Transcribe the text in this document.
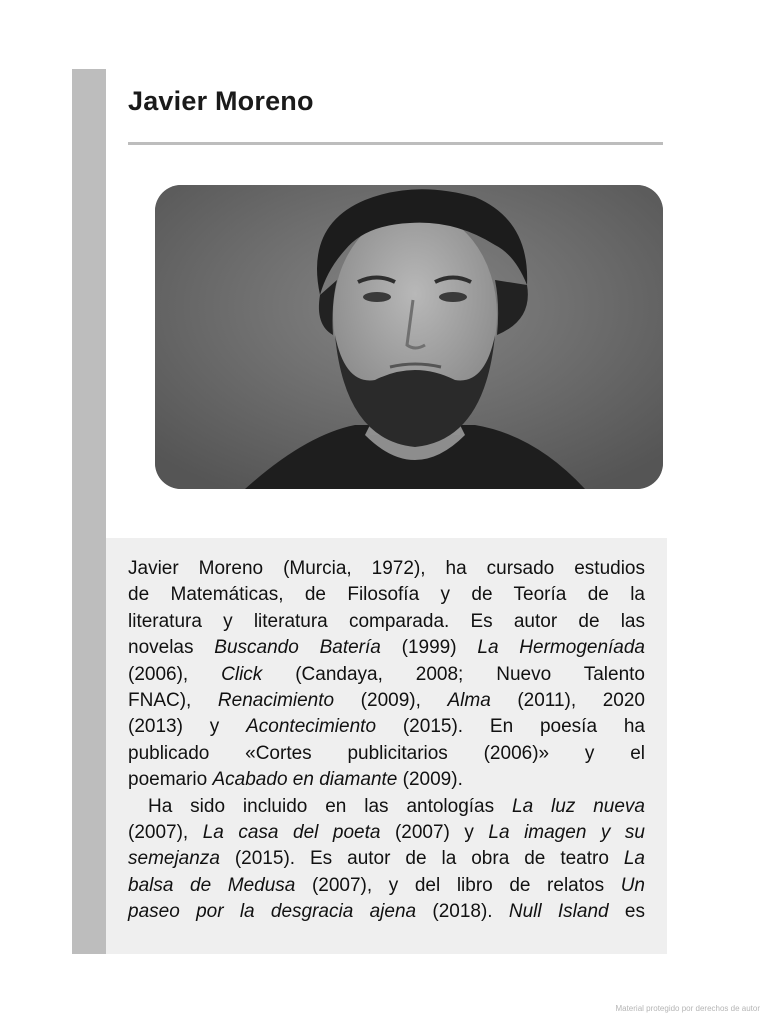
Javier Moreno
Javier Moreno (Murcia, 1972), ha cursado estudios
de Matemáticas, de Filosofía y de Teoría de la
literatura y literatura comparada. Es autor de las
novelas Buscando Batería (1999) La Hermogeníada
(2006), Click (Candaya, 2008; Nuevo Talento
FNAC), Renacimiento (2009), Alma (2011), 2020
(2013) y Acontecimiento (2015). En poesía ha
publicado «Cortes publicitarios (2006)» y el
poemario Acabado en diamante (2009).
Ha sido incluido en las antologías La luz nueva
(2007), La casa del poeta (2007) y La imagen y su
semejanza (2015). Es autor de la obra de teatro La
balsa de Medusa (2007), y del libro de relatos Un
paseo por la desgracia ajena (2018). Null Island es
Material protegido por derechos de autor
